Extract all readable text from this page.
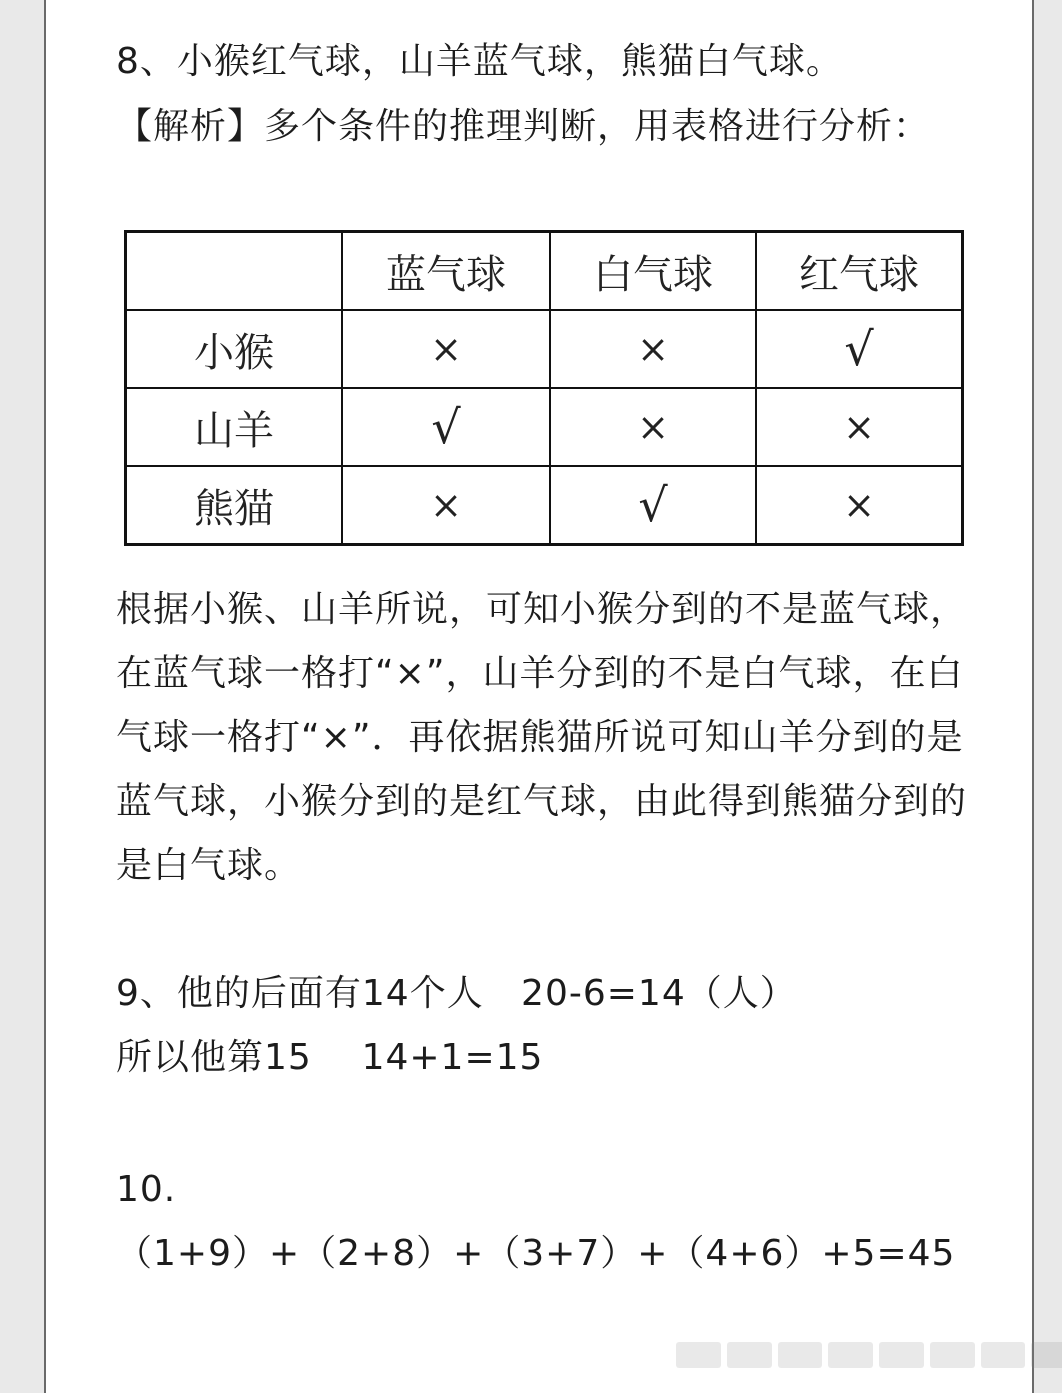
8、小猴红气球，山羊蓝气球，熊猫白气球。

【解析】多个条件的推理判断，用表格进行分析：

	蓝气球	白气球	红气球
小猴	×	×	√
山羊	√	×	×
熊猫	×	√	×

根据小猴、山羊所说，可知小猴分到的不是蓝气球，在蓝气球一格打“×”，山羊分到的不是白气球，在白气球一格打“×”．再依据熊猫所说可知山羊分到的是蓝气球，小猴分到的是红气球，由此得到熊猫分到的是白气球。

9、他的后面有14个人   20-6=14（人）
所以他第15    14+1=15

10.
（1+9）+（2+8）+（3+7）+（4+6）+5=45
